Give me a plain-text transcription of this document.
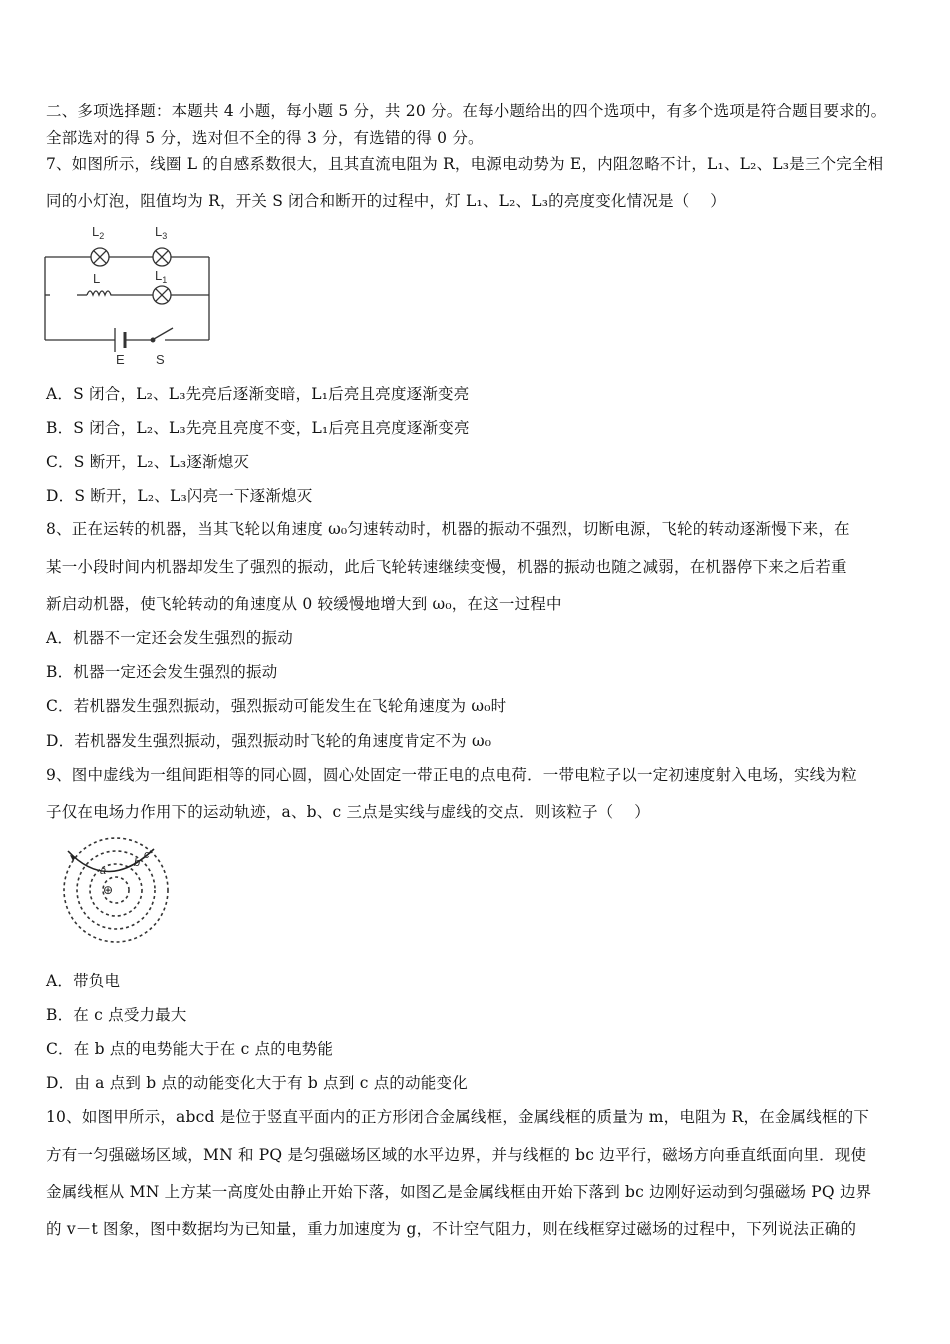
二、多项选择题：本题共 4 小题，每小题 5 分，共 20 分。在每小题给出的四个选项中，有多个选项是符合题目要求的。
全部选对的得 5 分，选对但不全的得 3 分，有选错的得 0 分。
7、如图所示，线圈 L 的自感系数很大，且其直流电阻为 R，电源电动势为 E，内阻忽略不计，L₁、L₂、L₃是三个完全相
同的小灯泡，阻值均为 R，开关 S 闭合和断开的过程中，灯 L₁、L₂、L₃的亮度变化情况是（　 ）
$L_2$	$L_3$
L	$L_1$
E S
A．S 闭合，L₂、L₃先亮后逐渐变暗，L₁后亮且亮度逐渐变亮
B．S 闭合，L₂、L₃先亮且亮度不变，L₁后亮且亮度逐渐变亮
C．S 断开，L₂、L₃逐渐熄灭
D．S 断开，L₂、L₃闪亮一下逐渐熄灭
8、正在运转的机器，当其飞轮以角速度 ω₀匀速转动时，机器的振动不强烈，切断电源，飞轮的转动逐渐慢下来，在
某一小段时间内机器却发生了强烈的振动，此后飞轮转速继续变慢，机器的振动也随之减弱，在机器停下来之后若重
新启动机器，使飞轮转动的角速度从 0 较缓慢地增大到 ω₀，在这一过程中
A．机器不一定还会发生强烈的振动
B．机器一定还会发生强烈的振动
C．若机器发生强烈振动，强烈振动可能发生在飞轮角速度为 ω₀时
D．若机器发生强烈振动，强烈振动时飞轮的角速度肯定不为 ω₀
9、图中虚线为一组间距相等的同心圆，圆心处固定一带正电的点电荷．一带电粒子以一定初速度射入电场，实线为粒
子仅在电场力作用下的运动轨迹，a、b、c 三点是实线与虚线的交点．则该粒子（　 ）
⊕
a
b
c
A．带负电
B．在 c 点受力最大
C．在 b 点的电势能大于在 c 点的电势能
D．由 a 点到 b 点的动能变化大于有 b 点到 c 点的动能变化
10、如图甲所示，abcd 是位于竖直平面内的正方形闭合金属线框，金属线框的质量为 m，电阻为 R，在金属线框的下
方有一匀强磁场区域，MN 和 PQ 是匀强磁场区域的水平边界，并与线框的 bc 边平行，磁场方向垂直纸面向里．现使
金属线框从 MN 上方某一高度处由静止开始下落，如图乙是金属线框由开始下落到 bc 边刚好运动到匀强磁场 PQ 边界
的 v－t 图象，图中数据均为已知量，重力加速度为 g，不计空气阻力，则在线框穿过磁场的过程中，下列说法正确的
